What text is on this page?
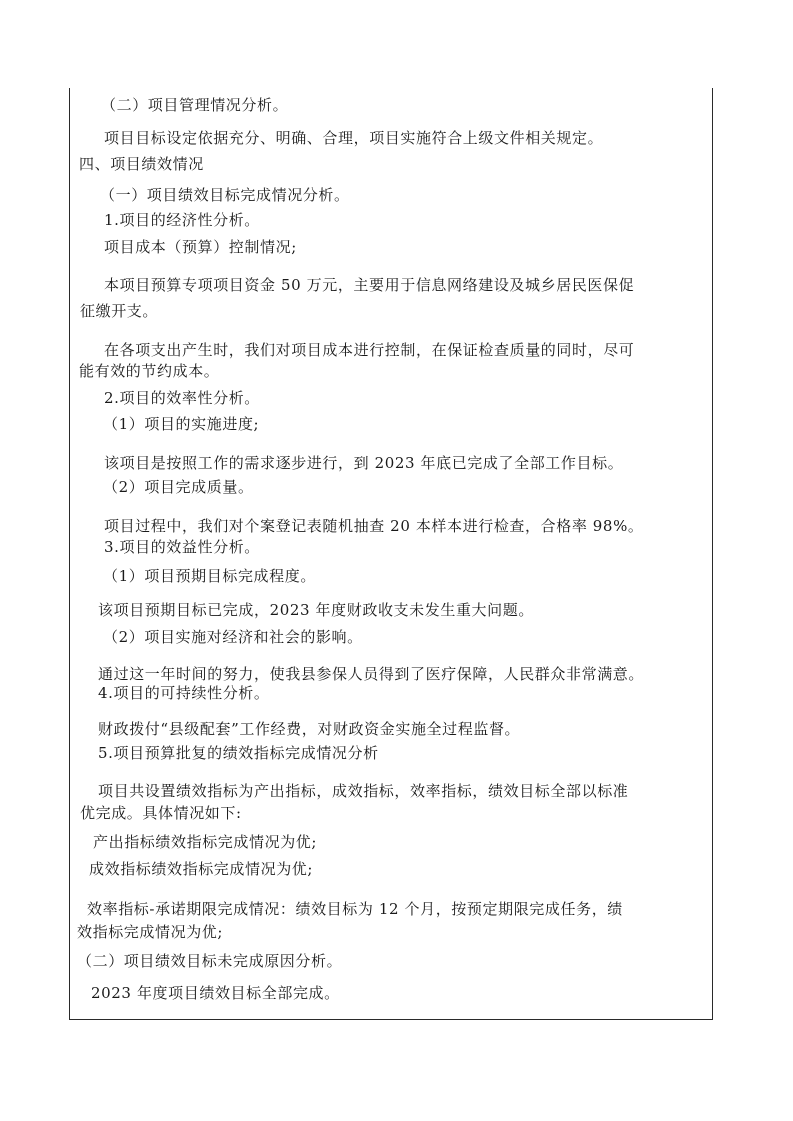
（二）项目管理情况分析。
项目目标设定依据充分、明确、合理，项目实施符合上级文件相关规定。
四、项目绩效情况
（一）项目绩效目标完成情况分析。
1.项目的经济性分析。
项目成本（预算）控制情况;
本项目预算专项项目资金 50 万元，主要用于信息网络建设及城乡居民医保促
征缴开支。
在各项支出产生时，我们对项目成本进行控制，在保证检查质量的同时，尽可
能有效的节约成本。
2.项目的效率性分析。
（1）项目的实施进度;
该项目是按照工作的需求逐步进行，到 2023 年底已完成了全部工作目标。
（2）项目完成质量。
项目过程中，我们对个案登记表随机抽查 20 本样本进行检查，合格率 98%。
3.项目的效益性分析。
（1）项目预期目标完成程度。
该项目预期目标已完成，2023 年度财政收支未发生重大问题。
（2）项目实施对经济和社会的影响。
通过这一年时间的努力，使我县参保人员得到了医疗保障，人民群众非常满意。
4.项目的可持续性分析。
财政拨付“县级配套”工作经费，对财政资金实施全过程监督。
5.项目预算批复的绩效指标完成情况分析
项目共设置绩效指标为产出指标，成效指标，效率指标，绩效目标全部以标准
优完成。具体情况如下:
产出指标绩效指标完成情况为优;
成效指标绩效指标完成情况为优;
效率指标-承诺期限完成情况：绩效目标为 12 个月，按预定期限完成任务，绩
效指标完成情况为优;
（二）项目绩效目标未完成原因分析。
2023 年度项目绩效目标全部完成。
